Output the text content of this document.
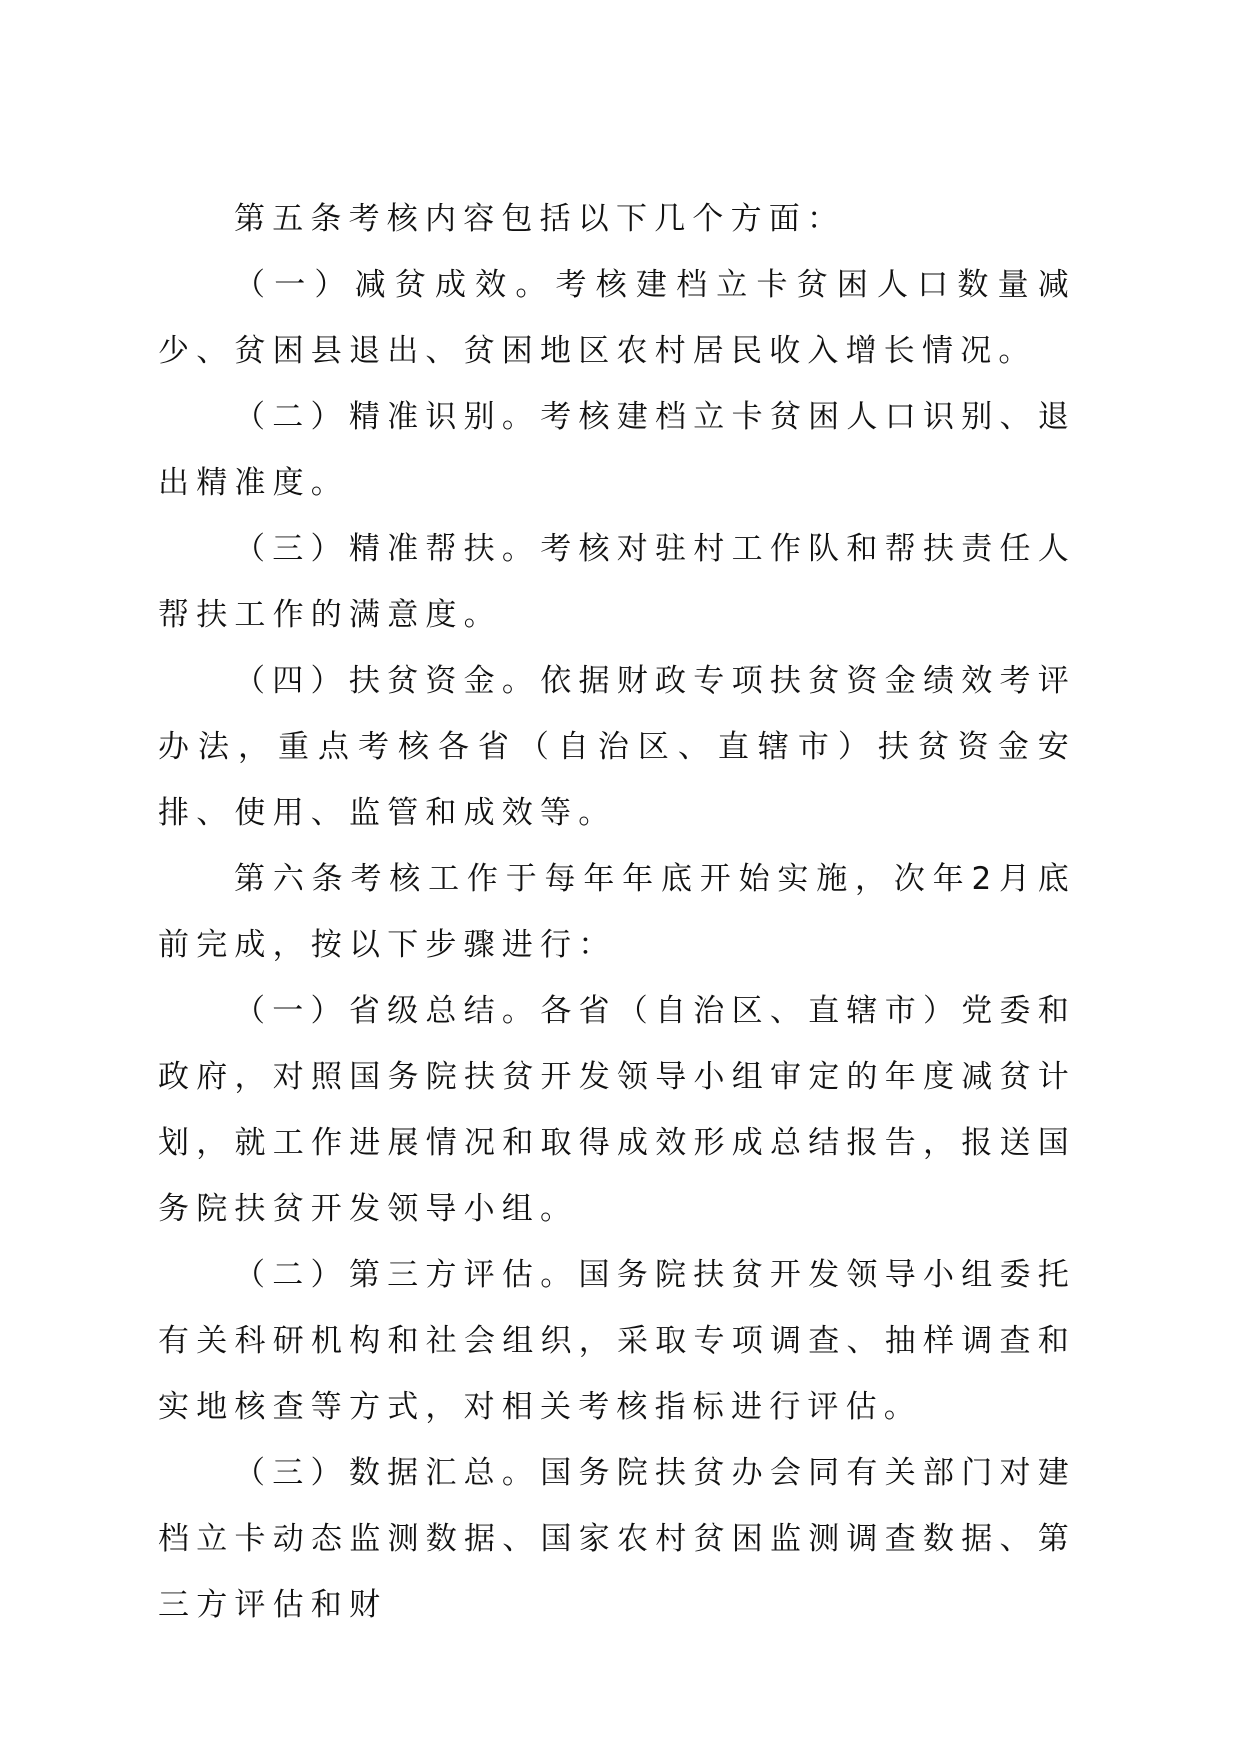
第五条考核内容包括以下几个方面：

（一）减贫成效。考核建档立卡贫困人口数量减少、贫困县退出、贫困地区农村居民收入增长情况。

（二）精准识别。考核建档立卡贫困人口识别、退出精准度。

（三）精准帮扶。考核对驻村工作队和帮扶责任人帮扶工作的满意度。

（四）扶贫资金。依据财政专项扶贫资金绩效考评办法，重点考核各省（自治区、直辖市）扶贫资金安排、使用、监管和成效等。

第六条考核工作于每年年底开始实施，次年2月底前完成，按以下步骤进行：

（一）省级总结。各省（自治区、直辖市）党委和政府，对照国务院扶贫开发领导小组审定的年度减贫计划，就工作进展情况和取得成效形成总结报告，报送国务院扶贫开发领导小组。

（二）第三方评估。国务院扶贫开发领导小组委托有关科研机构和社会组织，采取专项调查、抽样调查和实地核查等方式，对相关考核指标进行评估。

（三）数据汇总。国务院扶贫办会同有关部门对建档立卡动态监测数据、国家农村贫困监测调查数据、第三方评估和财
